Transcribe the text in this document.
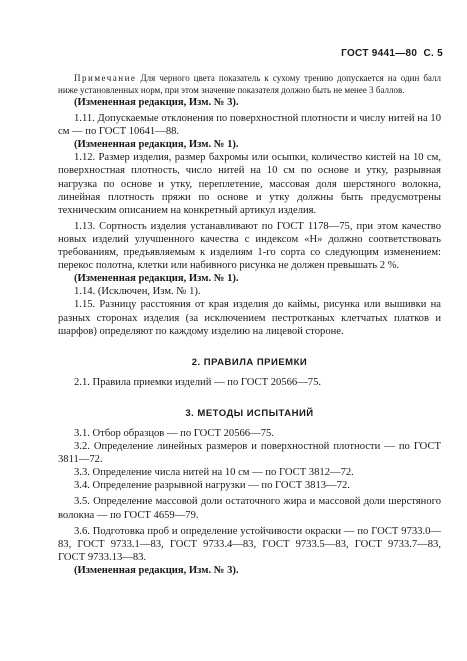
ГОСТ 9441—80 С. 5

Примечание Для черного цвета показатель к сухому трению допускается на один балл ниже установленных норм, при этом значение показателя должно быть не менее 3 баллов.

(Измененная редакция, Изм. № 3).

1.11. Допускаемые отклонения по поверхностной плотности и числу нитей на 10 см — по ГОСТ 10641—88.

(Измененная редакция, Изм. № 1).

1.12. Размер изделия, размер бахромы или осыпки, количество кистей на 10 см, поверхностная плотность, число нитей на 10 см по основе и утку, разрывная нагрузка по основе и утку, переплетение, массовая доля шерстяного волокна, линейная плотность пряжи по основе и утку должны быть предусмотрены техническим описанием на конкретный артикул изделия.

1.13. Сортность изделия устанавливают по ГОСТ 1178—75, при этом качество новых изделий улучшенного качества с индексом «Н» должно соответствовать требованиям, предъявляемым к изделиям 1-го сорта со следующим изменением: перекос полотна, клетки или набивного рисунка не должен превышать 2 %.

(Измененная редакция, Изм. № 1).

1.14. (Исключен, Изм. № 1).

1.15. Разницу расстояния от края изделия до каймы, рисунка или вышивки на разных сторонах изделия (за исключением пестротканых клетчатых платков и шарфов) определяют по каждому изделию на лицевой стороне.

2. ПРАВИЛА ПРИЕМКИ

2.1. Правила приемки изделий — по ГОСТ 20566—75.

3. МЕТОДЫ ИСПЫТАНИЙ

3.1. Отбор образцов — по ГОСТ 20566—75.

3.2. Определение линейных размеров и поверхностной плотности — по ГОСТ 3811—72.

3.3. Определение числа нитей на 10 см — по ГОСТ 3812—72.

3.4. Определение разрывной нагрузки — по ГОСТ 3813—72.

3.5. Определение массовой доли остаточного жира и массовой доли шерстяного волокна — по ГОСТ 4659—79.

3.6. Подготовка проб и определение устойчивости окраски — по ГОСТ 9733.0—83, ГОСТ 9733.1—83, ГОСТ 9733.4—83, ГОСТ 9733.5—83, ГОСТ 9733.7—83, ГОСТ 9733.13—83.

(Измененная редакция, Изм. № 3).
